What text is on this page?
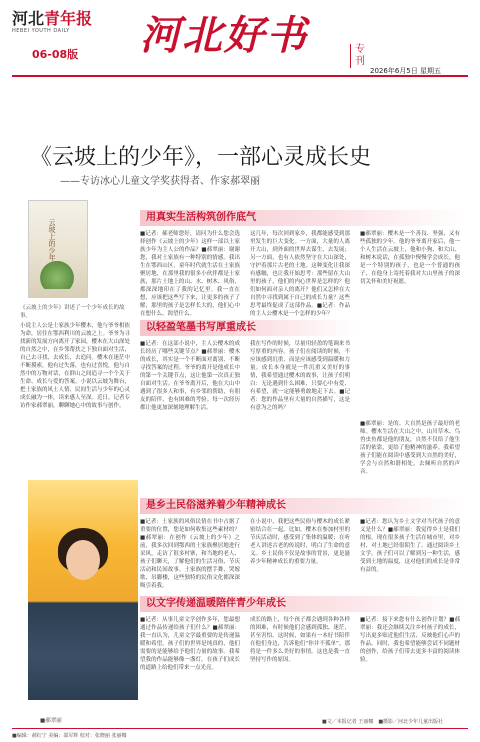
河北青年报
HEBEI YOUTH DAILY
06-08版 河北好书	专刊
2026年6月5日 星期五
《云坡上的少年》，一部心灵成长史
——专访冰心儿童文学奖获得者、作家郝翠丽
云坡上的少年
《云坡上的少年》讲述了一个少年成长的故事。
小说主人公是土家族少年樱木，他与爷爷相依为命，居住在鄂西利川的云坡之上。爷爷为寻找新的发展方向离开了家园，樱木在大山深处的自然之中，在乡邻帮扶之下独自面对生活，自己去寻找、去成长、去追问。樱木在迷茫中不断摸索，他有过失落，也有过喜悦，他与自然中的万物对话，在群山之间追寻一个个关于生命、成长与爱的答案。小说以云坡为舞台，把土家族的风土人情、民间生活与少年的心灵成长融为一体，读来感人至深。近日，记者专访作家郝翠丽，聊聊她心中的故事与创作。
用真实生活构筑创作底气
■记者：郝老师您好，请问为什么您会选择创作《云坡上的少年》这样一部以土家族少年为主人公的作品？■郝翠丽：谢谢您，我对土家族有一种特别的情感。我出生在鄂西山区，童年时代就生活在土家族聚居地，在那里我的很多小伙伴都是土家族，那片土地上的山、水、树木、风俗，都深深地印在了我的记忆里。我一直在想，应该把这些写下来，让更多的孩子了解，那里的孩子是怎样长大的，他们心中在想什么、渴望什么。
这几年，每次回到家乡，我都能感受到那里发生的巨大变化。一方面，大量的人离开大山，到外面的世界去谋生、去发展；另一方面，也有人依然坚守在大山深处，守护着那片古老的土地。这种变化让我深有感触，也让我开始思考：那些留在大山里的孩子，他们的内心世界是怎样的？他们如何面对亲人的离开？他们又怎样在大自然中寻找到属于自己的成长力量？这些思考最终促成了这部作品。■记者：作品的主人公樱木是一个怎样的少年？
■郝翠丽：樱木是一个善良、坚强，又有些孤独的少年。他的爷爷离开家后，他一个人生活在云坡上，他和小狗、和大山、和树木说话，在孤独中慢慢学会成长。他是一个特别的孩子，也是一个普通的孩子，在他身上寄托着我对大山里孩子的深切关怀和美好祝愿。
以轻盈笔墨书写厚重成长
■记者：在这部小说中，主人公樱木的成长经历了哪些关键节点？■郝翠丽：樱木的成长，其实是一个不断面对离别、不断寻找答案的过程。爷爷的离开是他成长中的第一个关键节点，这让他第一次真正独自面对生活。在爷爷离开后，他在大山中遇到了很多人和事，有乡邻的帮助，有朋友的陪伴，也有困难的考验。每一次经历都让他更加深刻地理解生活。
我在写作的时候，尽量用轻盈的笔调来书写厚重的内容。孩子们在阅读的时候，不应该感到沉重，而是应该感受到温暖和力量。成长本身就是一件沉重又美好的事情，我希望通过樱木的故事，让孩子们明白：无论遇到什么困难，只要心中有爱、有希望，就一定能够勇敢地走下去。■记者：您的作品里有大量的自然描写，这是有意为之的吗？
■郝翠丽：是的。大自然是孩子最好的老师。樱木生活在大山之中，山川草木、鸟兽虫鱼都是他的朋友，自然不仅给了他生活的依靠，更给了他精神的滋养。我希望孩子们能在阅读中感受到大自然的美好，学会与自然和谐相处，去倾听自然的声音。
是乡土民俗滋养着少年精神成长
■记者：土家族的风俗民情在书中占据了重要的位置，您是如何收集这些素材的？■郝翠丽：在创作《云坡上的少年》之前，我多次回到鄂西的土家族聚居地进行采风，走访了很多村寨，和当地的老人、孩子们聊天，了解他们的生活习俗、节庆活动和民间故事。土家族的摆手舞、哭嫁歌、吊脚楼，这些独特的民俗文化都深深吸引着我。
在小说中，我把这些民俗与樱木的成长紧密结合在一起。比如，樱木在参加村里的节庆活动时，感受到了集体的温暖；在听老人讲述古老的传说时，明白了生命的意义。乡土民俗不仅是故事的背景，更是滋养少年精神成长的重要力量。
■记者：您认为乡土文学对当代孩子的意义是什么？■郝翠丽：我觉得乡土是我们的根。现在很多孩子生活在城市里，对乡村、对土地已经很陌生了。通过阅读乡土文学，孩子们可以了解到另一种生活，感受到土地的温度，这对他们的成长是非常有益的。
以文字传递温暖陪伴青少年成长
■记者：从事儿童文学创作多年，您最想通过作品传递给孩子们什么？■郝翠丽：我一直认为，儿童文学最重要的是传递温暖和希望。孩子们的世界是纯真的，他们需要的是能够给予他们力量的故事。我希望我的作品能够像一盏灯，在孩子们成长的道路上给他们带来一点光亮。
成长的路上，每个孩子都会遇到各种各样的困难，有时候他们会感到孤独、迷茫，甚至害怕。这时候，如果有一本好书陪伴在他们身边，告诉他们“你并不孤单”，那将是一件多么美好的事情。这也是我一直坚持写作的原因。
■记者：接下来您有什么创作计划？■郝翠丽：我还会继续关注乡村孩子的成长，写出更多贴近他们生活、反映他们心声的作品。同时，我也希望能够尝试不同题材的创作，给孩子们带去更多丰富的阅读体验。
■郝翠丽	■文／本报记者 王丽娜　■摄影／河北少年儿童出版社
■编辑：郝红宁 美编：邵军辉 校对：张晓丽 张丽娜
